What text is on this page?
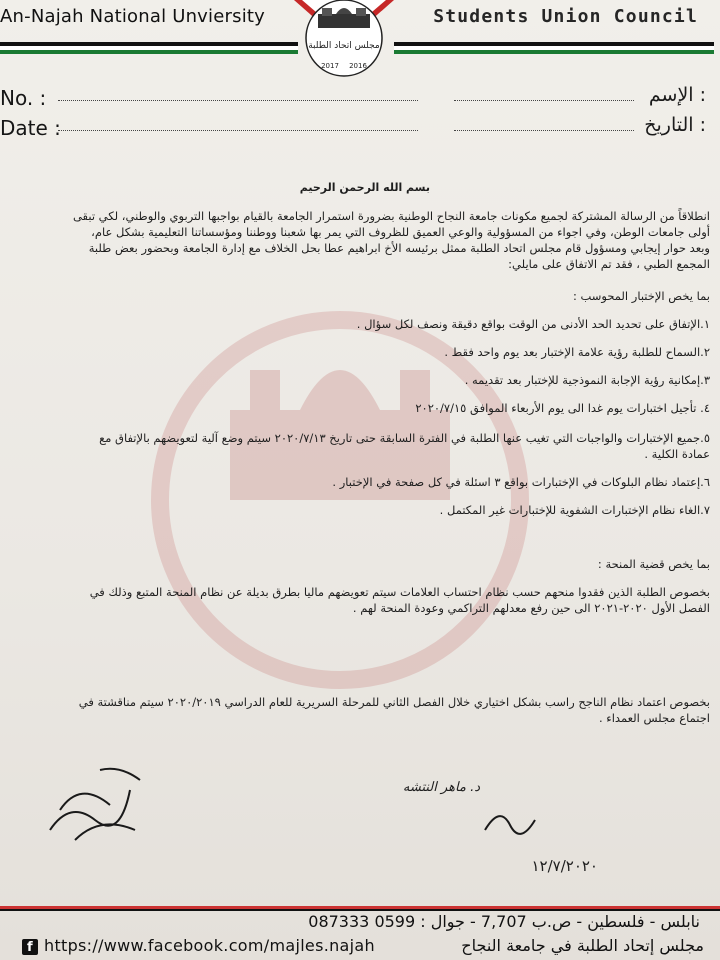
An-Najah National Unviersity	Students Union Council
مجلس اتحاد الطلبة
2017 2016
No. :	: الإسم
Date :	: التاريخ
بسم الله الرحمن الرحيم
انطلاقاً من الرسالة المشتركة لجميع مكونات جامعة النجاح الوطنية بضرورة استمرار الجامعة بالقيام بواجبها التربوي والوطني، لكي تبقى
أولى جامعات الوطن، وفي اجواء من المسؤولية والوعي العميق للظروف التي يمر بها شعبنا ووطننا ومؤسساتنا التعليمية بشكل عام،
وبعد حوار إيجابي ومسؤول قام مجلس اتحاد الطلبة ممثل برئيسه الأخ ابراهيم عطا بحل الخلاف مع إدارة الجامعة وبحضور بعض طلبة
المجمع الطبي ، فقد تم الاتفاق على مايلي:
بما يخص الإختبار المحوسب :
١.الإتفاق على تحديد الحد الأدنى من الوقت بواقع دقيقة ونصف لكل سؤال .
٢.السماح للطلبة رؤية علامة الإختبار بعد يوم واحد فقط .
٣.إمكانية رؤية الإجابة النموذجية للإختبار بعد تقديمه .
٤. تأجيل اختبارات يوم غدا الى يوم الأربعاء الموافق ٢٠٢٠/٧/١٥
٥.جميع الإختبارات والواجبات التي تغيب عنها الطلبة في الفترة السابقة حتى تاريخ ٢٠٢٠/٧/١٣ سيتم وضع آلية لتعويضهم بالإتفاق مع
عمادة الكلية .
٦.إعتماد نظام البلوكات في الإختبارات بواقع ٣ اسئلة في كل صفحة في الإختبار .
٧.الغاء نظام الإختبارات الشفوية للإختبارات غير المكتمل .
بما يخص قضية المنحة :
بخصوص الطلبة الذين فقدوا منحهم حسب نظام احتساب العلامات سيتم تعويضهم ماليا بطرق بديلة عن نظام المنحة المتبع وذلك في
الفصل الأول ٢٠٢٠-٢٠٢١ الى حين رفع معدلهم التراكمي وعودة المنحة لهم .
بخصوص اعتماد نظام الناجح راسب بشكل اختياري خلال الفصل الثاني للمرحلة السريرية للعام الدراسي ٢٠٢٠/٢٠١٩ سيتم مناقشتة في
اجتماع مجلس العمداء .
د. ماهر النتشه
١٢/٧/٢٠٢٠
نابلس - فلسطين - ص.ب 7,707 - جوال : 0599 087333
f https://www.facebook.com/majles.najah	مجلس إتحاد الطلبة في جامعة النجاح
